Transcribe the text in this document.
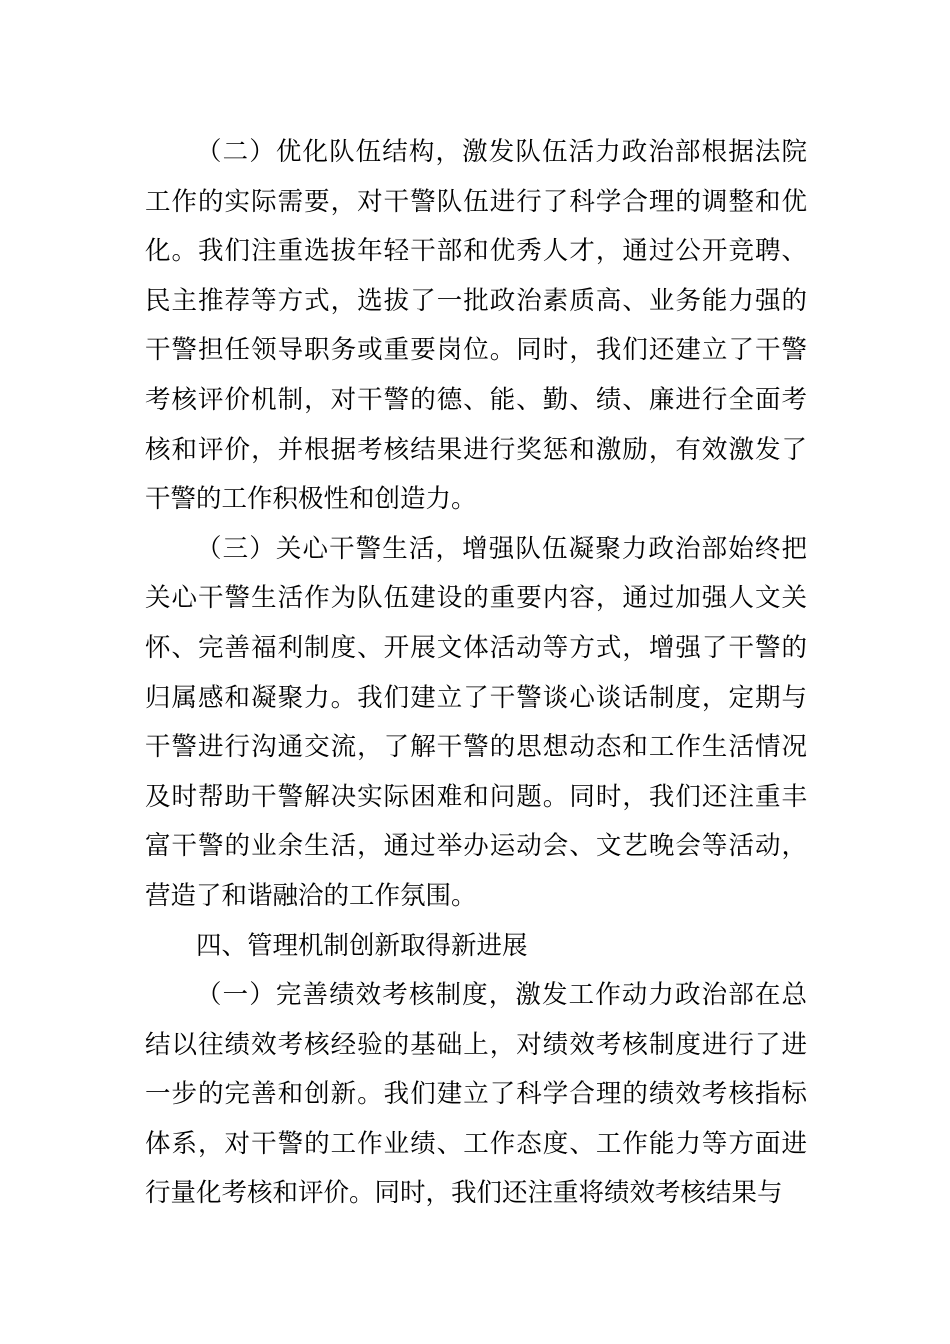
（二）优化队伍结构，激发队伍活力政治部根据法院工作的实际需要，对干警队伍进行了科学合理的调整和优化。我们注重选拔年轻干部和优秀人才，通过公开竞聘、民主推荐等方式，选拔了一批政治素质高、业务能力强的干警担任领导职务或重要岗位。同时，我们还建立了干警考核评价机制，对干警的德、能、勤、绩、廉进行全面考核和评价，并根据考核结果进行奖惩和激励，有效激发了干警的工作积极性和创造力。

（三）关心干警生活，增强队伍凝聚力政治部始终把关心干警生活作为队伍建设的重要内容，通过加强人文关怀、完善福利制度、开展文体活动等方式，增强了干警的归属感和凝聚力。我们建立了干警谈心谈话制度，定期与干警进行沟通交流，了解干警的思想动态和工作生活情况及时帮助干警解决实际困难和问题。同时，我们还注重丰富干警的业余生活，通过举办运动会、文艺晚会等活动，营造了和谐融洽的工作氛围。

四、管理机制创新取得新进展

（一）完善绩效考核制度，激发工作动力政治部在总结以往绩效考核经验的基础上，对绩效考核制度进行了进一步的完善和创新。我们建立了科学合理的绩效考核指标体系，对干警的工作业绩、工作态度、工作能力等方面进行量化考核和评价。同时，我们还注重将绩效考核结果与
